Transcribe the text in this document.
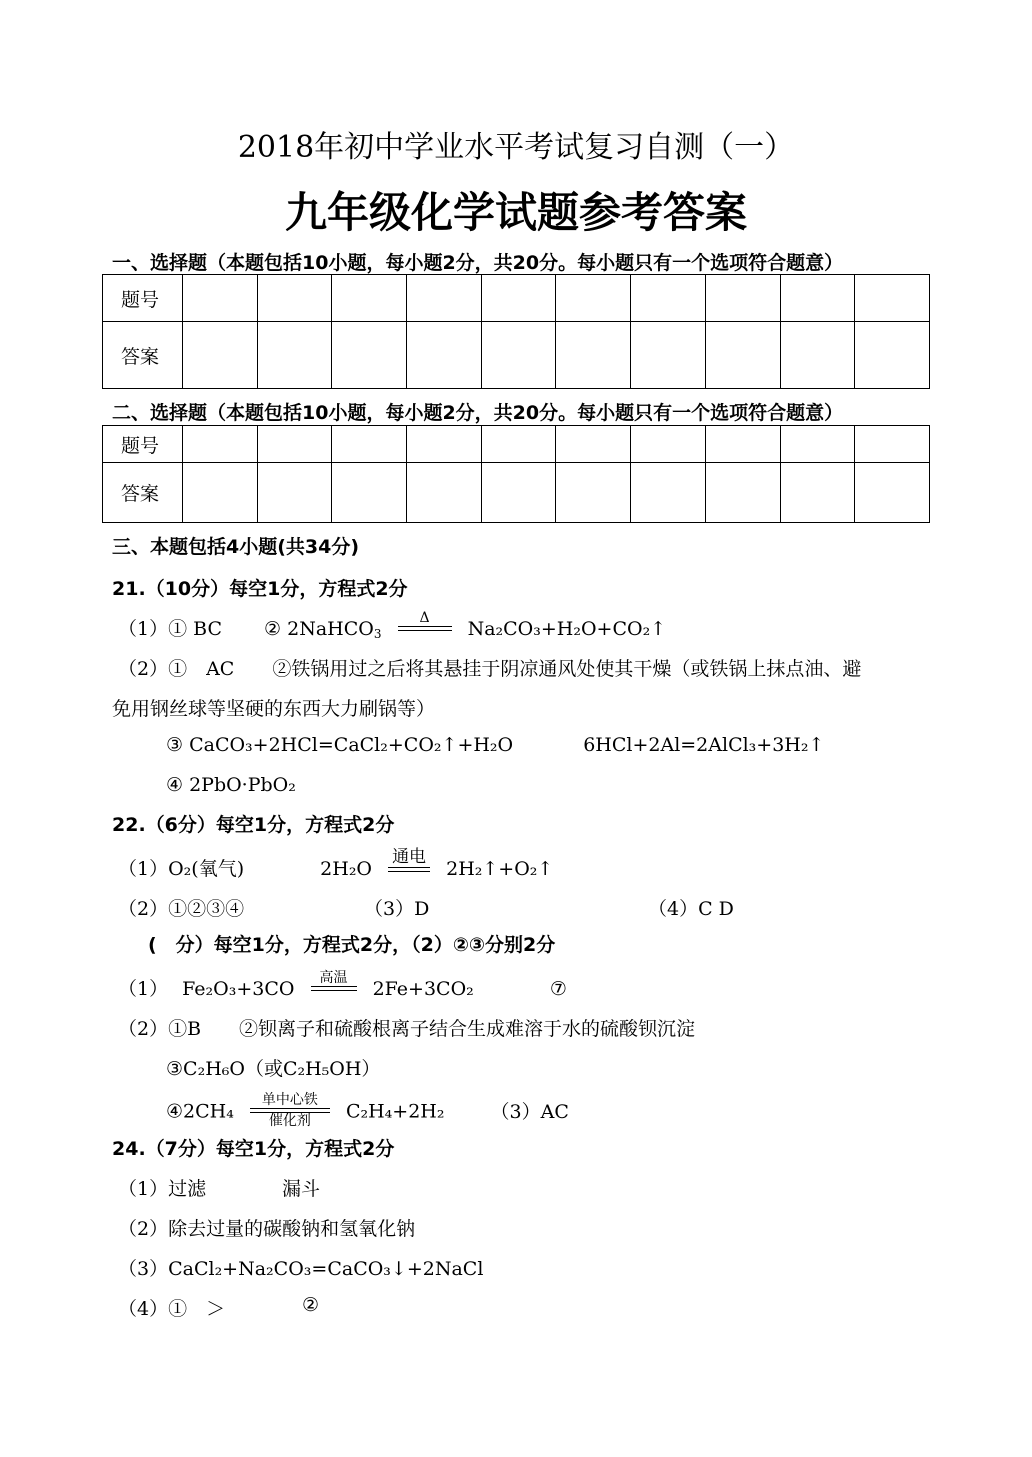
2018年初中学业水平考试复习自测（一）
九年级化学试题参考答案
一、选择题（本题包括10小题，每小题2分，共20分。每小题只有一个选项符合题意）
题号										
答案										
二、选择题（本题包括10小题，每小题2分，共20分。每小题只有一个选项符合题意）
题号										
答案										
三、本题包括4小题(共34分)
21.（10分）每空1分，方程式2分
（1）① BC ② 2NaHCO$_3$
Δ
Na₂CO₃+H₂O+CO₂↑
（2）①　AC　　②铁锅用过之后将其悬挂于阴凉通风处使其干燥（或铁锅上抹点油、避
免用钢丝球等坚硬的东西大力刷锅等）
③ CaCO₃+2HCl=CaCl₂+CO₂↑+H₂O	6HCl+2Al=2AlCl₃+3H₂↑
④ 2PbO·PbO₂
22.（6分）每空1分，方程式2分
（1）O₂(氧气)	2H₂O
通电
2H₂↑+O₂↑
（2）①②③④	（3）D	（4）C D
(　分）每空1分，方程式2分，（2）②③分别2分
（1） Fe₂O₃+3CO
高温
2Fe+3CO₂	⑦
（2）①B　　②钡离子和硫酸根离子结合生成难溶于水的硫酸钡沉淀
③C₂H₆O（或C₂H₅OH）
④2CH₄
单中心铁
催化剂	C₂H₄+2H₂ （3）AC
24.（7分）每空1分，方程式2分
（1）过滤	漏斗
（2）除去过量的碳酸钠和氢氧化钠
（3）CaCl₂+Na₂CO₃=CaCO₃↓+2NaCl
（4）①　＞	②
